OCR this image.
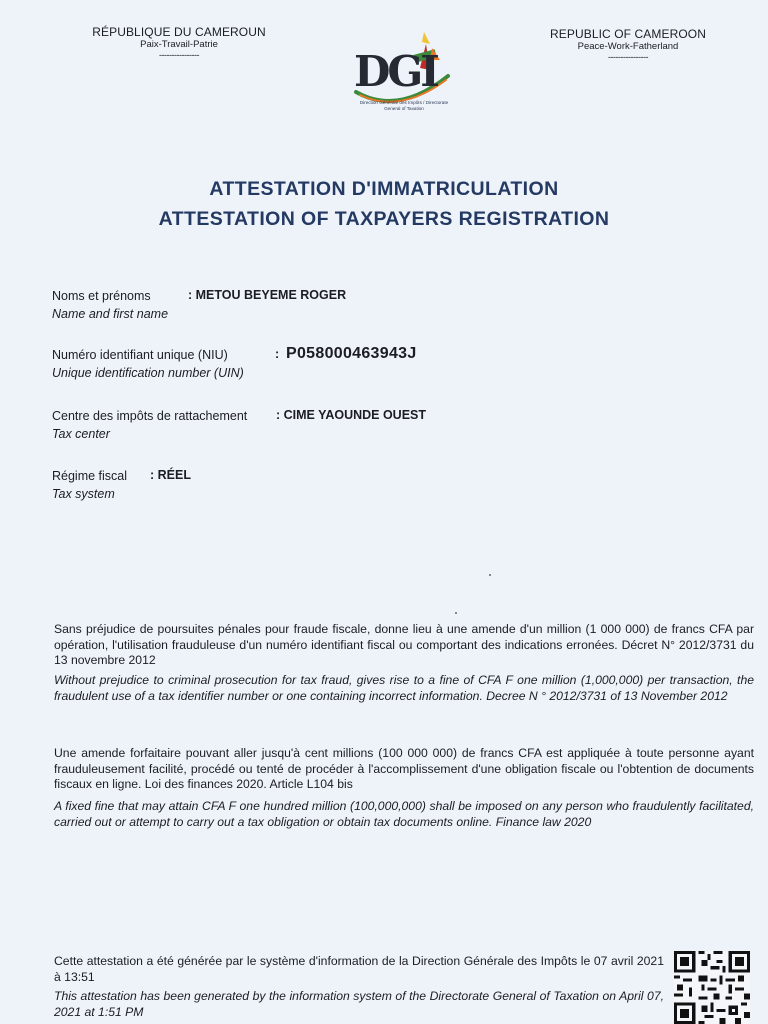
RÉPUBLIQUE DU CAMEROUN
Paix-Travail-Patrie
----------------	DGI
Direction Générale des Impôts / Directorate General of Taxation
REPUBLIC OF CAMEROON
Peace-Work-Fatherland
----------------
ATTESTATION D'IMMATRICULATION
ATTESTATION OF TAXPAYERS REGISTRATION
Noms et prénoms
Name and first name
: METOU BEYEME ROGER
Numéro identifiant unique (NIU)
Unique identification number (UIN)
: P058000463943J
Centre des impôts de rattachement
Tax center
: CIME YAOUNDE OUEST
Régime fiscal
Tax system
: RÉEL
Sans préjudice de poursuites pénales pour fraude fiscale, donne lieu à une amende d'un million (1 000 000) de francs CFA par opération, l'utilisation frauduleuse d'un numéro identifiant fiscal ou comportant des indications erronées. Décret N° 2012/3731 du 13 novembre 2012
Without prejudice to criminal prosecution for tax fraud, gives rise to a fine of CFA F one million (1,000,000) per transaction, the fraudulent use of a tax identifier number or one containing incorrect information. Decree N ° 2012/3731 of 13 November 2012
Une amende forfaitaire pouvant aller jusqu'à cent millions (100 000 000) de francs CFA est appliquée à toute personne ayant frauduleusement facilité, procédé ou tenté de procéder à l'accomplissement d'une obligation fiscale ou l'obtention de documents fiscaux en ligne. Loi des finances 2020. Article L104 bis
A fixed fine that may attain CFA F one hundred million (100,000,000) shall be imposed on any person who fraudulently facilitated, carried out or attempt to carry out a tax obligation or obtain tax documents online. Finance law 2020
Cette attestation a été générée par le système d'information de la Direction Générale des Impôts le 07 avril 2021 à 13:51
This attestation has been generated by the information system of the Directorate General of Taxation on April 07, 2021 at 1:51 PM
